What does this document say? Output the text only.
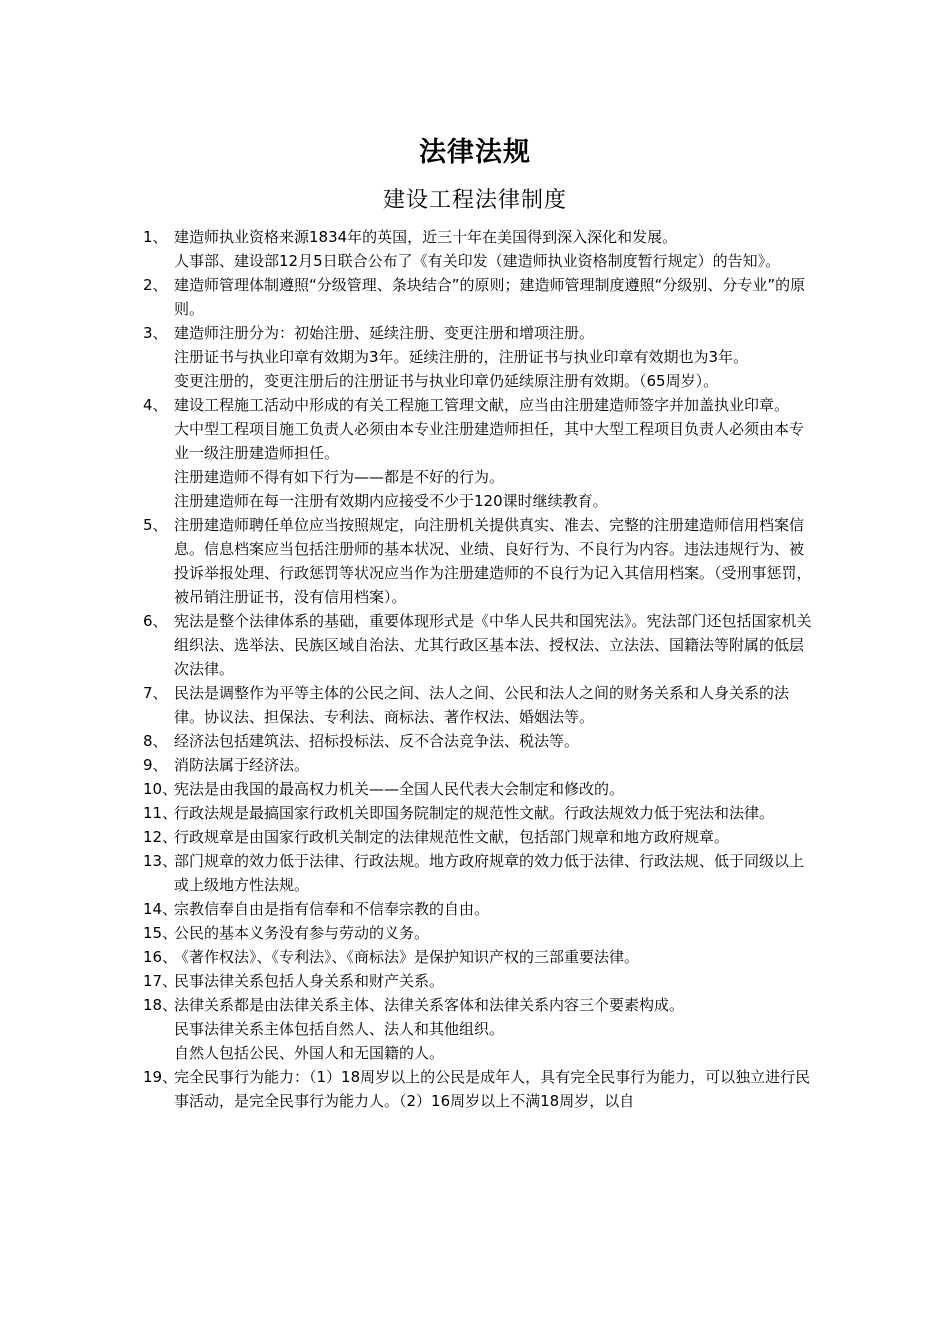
法律法规
建设工程法律制度
1、 建造师执业资格来源1834年的英国，近三十年在美国得到深入深化和发展。
人事部、建设部12月5日联合公布了《有关印发（建造师执业资格制度暂行规定）的告知》。
2、 建造师管理体制遵照“分级管理、条块结合”的原则；建造师管理制度遵照“分级别、分专业”的原则。
3、 建造师注册分为：初始注册、延续注册、变更注册和增项注册。
注册证书与执业印章有效期为3年。延续注册的，注册证书与执业印章有效期也为3年。
变更注册的，变更注册后的注册证书与执业印章仍延续原注册有效期。（65周岁）。
4、 建设工程施工活动中形成的有关工程施工管理文献，应当由注册建造师签字并加盖执业印章。
大中型工程项目施工负责人必须由本专业注册建造师担任，其中大型工程项目负责人必须由本专业一级注册建造师担任。
注册建造师不得有如下行为——都是不好的行为。
注册建造师在每一注册有效期内应接受不少于120课时继续教育。
5、 注册建造师聘任单位应当按照规定，向注册机关提供真实、准去、完整的注册建造师信用档案信息。信息档案应当包括注册师的基本状况、业绩、良好行为、不良行为内容。违法违规行为、被投诉举报处理、行政惩罚等状况应当作为注册建造师的不良行为记入其信用档案。（受刑事惩罚，被吊销注册证书，没有信用档案）。
6、 宪法是整个法律体系的基础，重要体现形式是《中华人民共和国宪法》。宪法部门还包括国家机关组织法、选举法、民族区域自治法、尤其行政区基本法、授权法、立法法、国籍法等附属的低层次法律。
7、 民法是调整作为平等主体的公民之间、法人之间、公民和法人之间的财务关系和人身关系的法律。协议法、担保法、专利法、商标法、著作权法、婚姻法等。
8、 经济法包括建筑法、招标投标法、反不合法竞争法、税法等。
9、 消防法属于经济法。
10、
宪法是由我国的最高权力机关——全国人民代表大会制定和修改的。
11、
行政法规是最搞国家行政机关即国务院制定的规范性文献。行政法规效力低于宪法和法律。
12、
行政规章是由国家行政机关制定的法律规范性文献，包括部门规章和地方政府规章。
13、
部门规章的效力低于法律、行政法规。地方政府规章的效力低于法律、行政法规、低于同级以上或上级地方性法规。
14、
宗教信奉自由是指有信奉和不信奉宗教的自由。
15、
公民的基本义务没有参与劳动的义务。
16、
《著作权法》、《专利法》、《商标法》是保护知识产权的三部重要法律。
17、
民事法律关系包括人身关系和财产关系。
18、
法律关系都是由法律关系主体、法律关系客体和法律关系内容三个要素构成。
民事法律关系主体包括自然人、法人和其他组织。
自然人包括公民、外国人和无国籍的人。
19、
完全民事行为能力：（1）18周岁以上的公民是成年人，具有完全民事行为能力，可以独立进行民事活动，是完全民事行为能力人。（2）16周岁以上不满18周岁，以自
